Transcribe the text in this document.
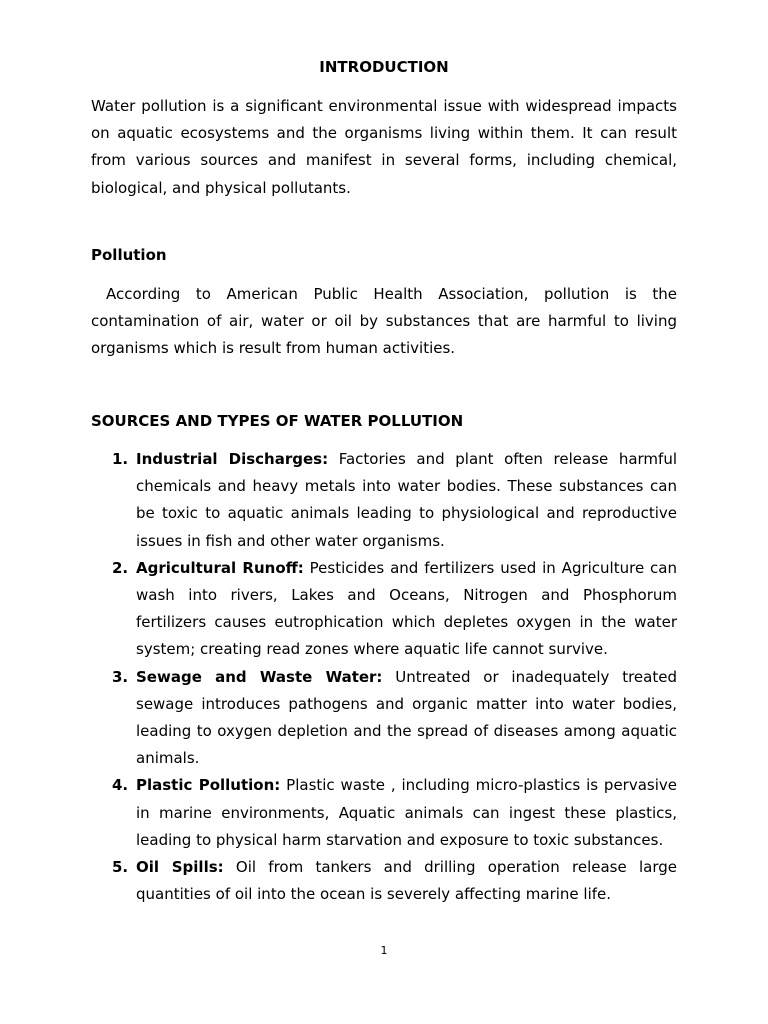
INTRODUCTION

Water pollution is a significant environmental issue with widespread impacts on aquatic ecosystems and the organisms living within them. It can result from various sources and manifest in several forms, including chemical, biological, and physical pollutants.

Pollution

According to American Public Health Association, pollution is the contamination of air, water or oil by substances that are harmful to living organisms which is result from human activities.

SOURCES AND TYPES OF WATER POLLUTION
1. Industrial Discharges: Factories and plant often release harmful chemicals and heavy metals into water bodies. These substances can be toxic to aquatic animals leading to physiological and reproductive issues in fish and other water organisms.
2. Agricultural Runoff: Pesticides and fertilizers used in Agriculture can wash into rivers, Lakes and Oceans, Nitrogen and Phosphorum fertilizers causes eutrophication which depletes oxygen in the water system; creating read zones where aquatic life cannot survive.
3. Sewage and Waste Water: Untreated or inadequately treated sewage introduces pathogens and organic matter into water bodies, leading to oxygen depletion and the spread of diseases among aquatic animals.
4. Plastic Pollution: Plastic waste , including micro-plastics is pervasive in marine environments, Aquatic animals can ingest these plastics, leading to physical harm starvation and exposure to toxic substances.
5. Oil Spills: Oil from tankers and drilling operation release large quantities of oil into the ocean is severely affecting marine life.

1
